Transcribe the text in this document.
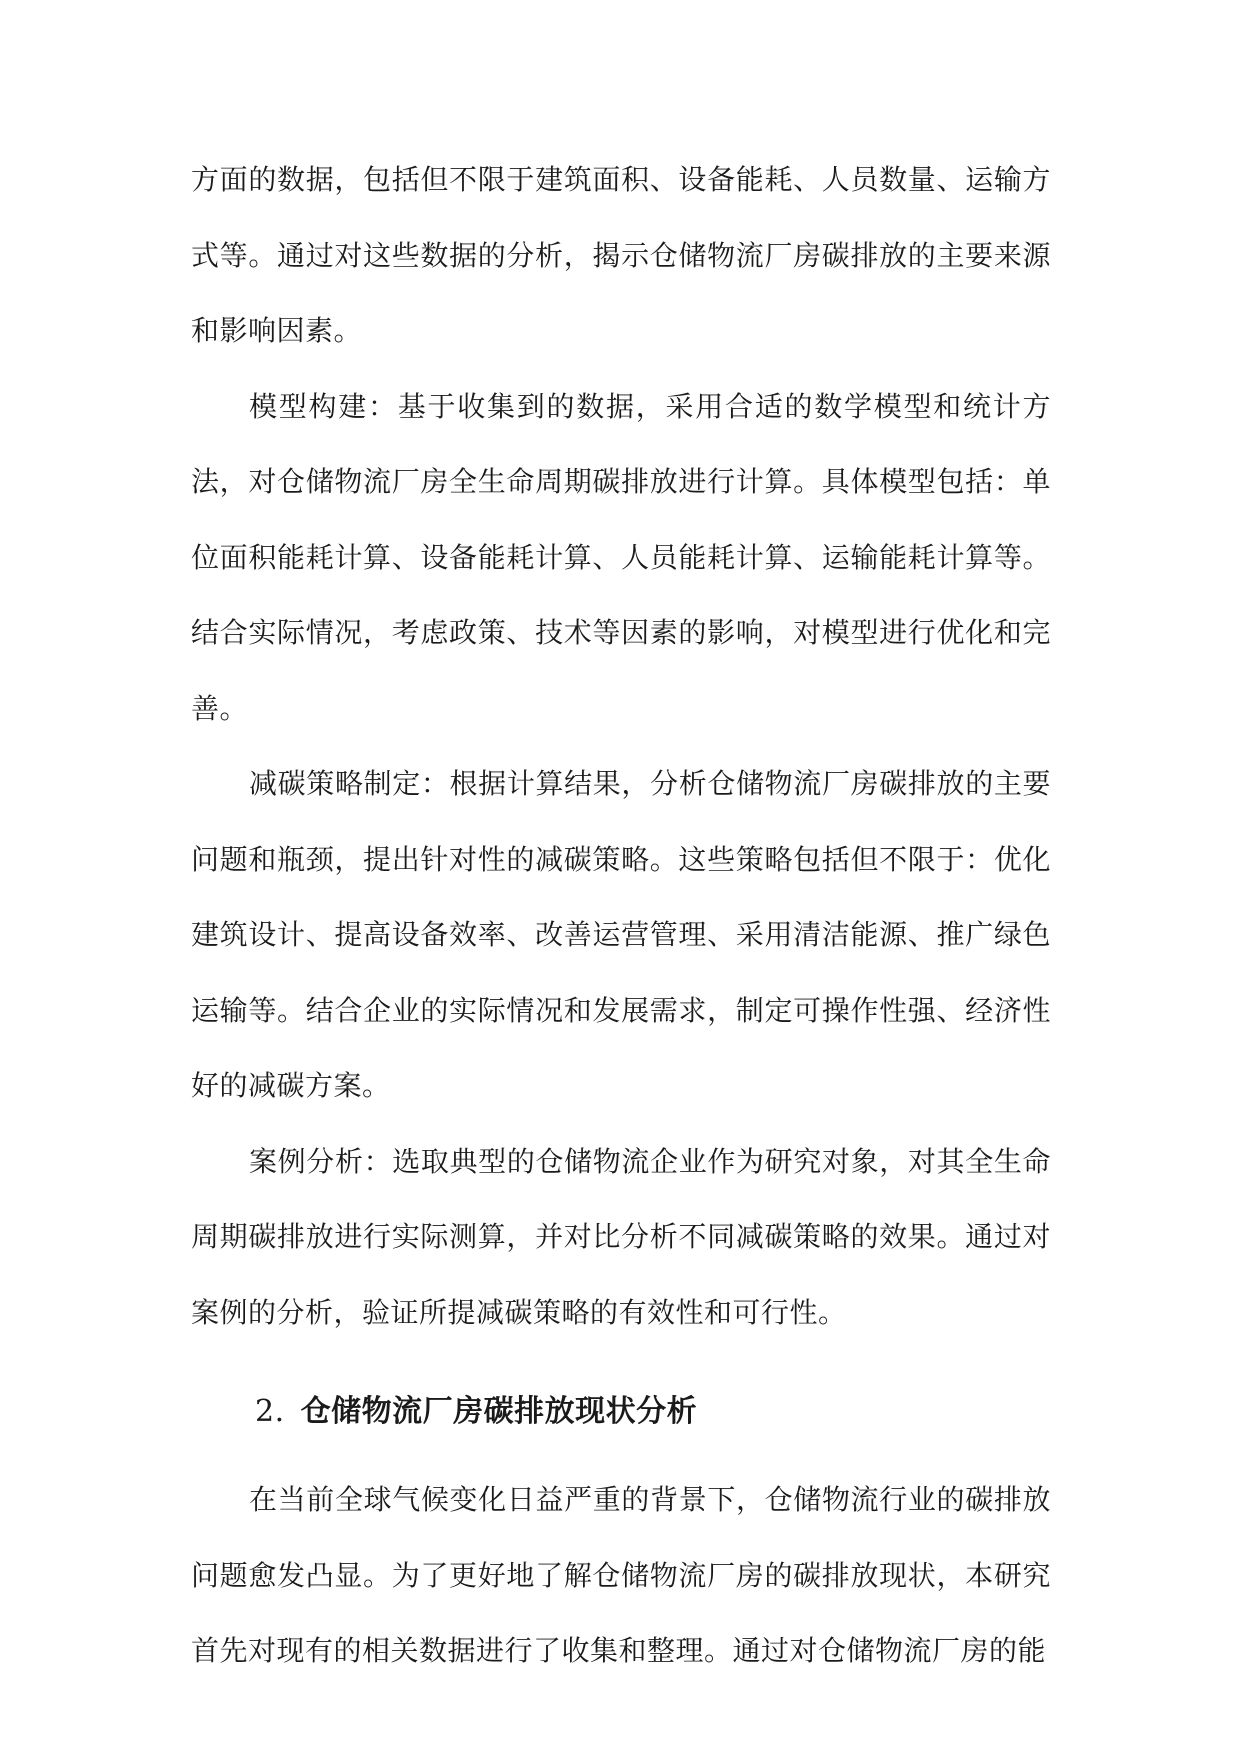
方面的数据，包括但不限于建筑面积、设备能耗、人员数量、运输方式等。通过对这些数据的分析，揭示仓储物流厂房碳排放的主要来源和影响因素。

模型构建：基于收集到的数据，采用合适的数学模型和统计方法，对仓储物流厂房全生命周期碳排放进行计算。具体模型包括：单位面积能耗计算、设备能耗计算、人员能耗计算、运输能耗计算等。结合实际情况，考虑政策、技术等因素的影响，对模型进行优化和完善。

减碳策略制定：根据计算结果，分析仓储物流厂房碳排放的主要问题和瓶颈，提出针对性的减碳策略。这些策略包括但不限于：优化建筑设计、提高设备效率、改善运营管理、采用清洁能源、推广绿色运输等。结合企业的实际情况和发展需求，制定可操作性强、经济性好的减碳方案。

案例分析：选取典型的仓储物流企业作为研究对象，对其全生命周期碳排放进行实际测算，并对比分析不同减碳策略的效果。通过对案例的分析，验证所提减碳策略的有效性和可行性。

2. 仓储物流厂房碳排放现状分析

在当前全球气候变化日益严重的背景下，仓储物流行业的碳排放问题愈发凸显。为了更好地了解仓储物流厂房的碳排放现状，本研究首先对现有的相关数据进行了收集和整理。通过对仓储物流厂房的能
